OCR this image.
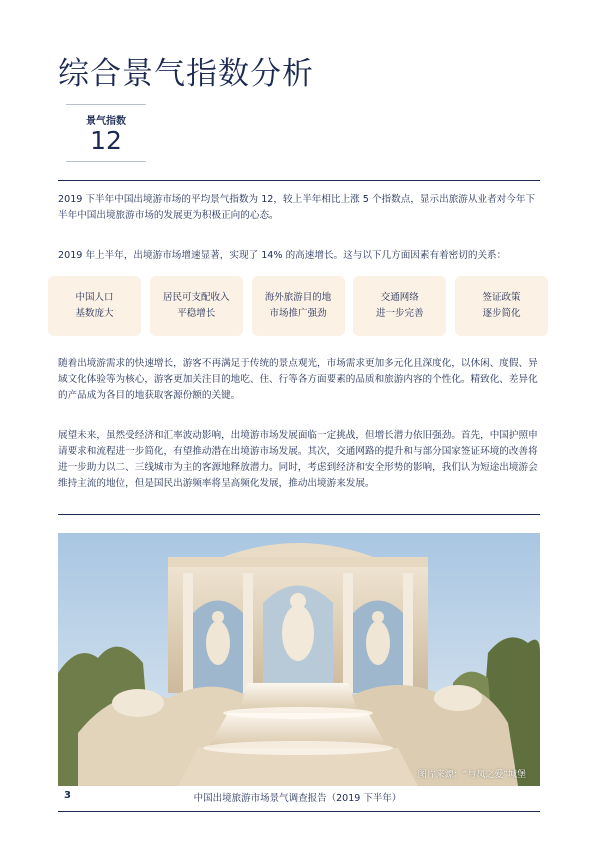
综合景气指数分析
景气指数
12

2019 下半年中国出境游市场的平均景气指数为 12，较上半年相比上涨 5 个指数点，显示出旅游从业者对今年下半年中国出境旅游市场的发展更为积极正向的心态。

2019 年上半年，出境游市场增速显著，实现了 14% 的高速增长。这与以下几方面因素有着密切的关系：

中国人口
基数庞大
居民可支配收入
平稳增长
海外旅游目的地
市场推广强劲
交通网络
进一步完善
签证政策
逐步简化

随着出境游需求的快速增长，游客不再满足于传统的景点观光，市场需求更加多元化且深度化，以休闲、度假、异域文化体验等为核心，游客更加关注目的地吃、住、行等各方面要素的品质和旅游内容的个性化。精致化、差异化的产品成为各目的地获取客源份额的关键。

展望未来，虽然受经济和汇率波动影响，出境游市场发展面临一定挑战，但增长潜力依旧强劲。首先，中国护照申请要求和流程进一步简化，有望推动潜在出境游市场发展。其次，交通网路的提升和与部分国家签证环境的改善将进一步助力以二、三线城市为主的客源地释放潜力。同时，考虑到经济和安全形势的影响，我们认为短途出境游会维持主流的地位，但是国民出游频率将呈高频化发展，推动出境游来发展。

图片来源：“与凤之爱”城堡
3	中国出境旅游市场景气调查报告（2019 下半年）
